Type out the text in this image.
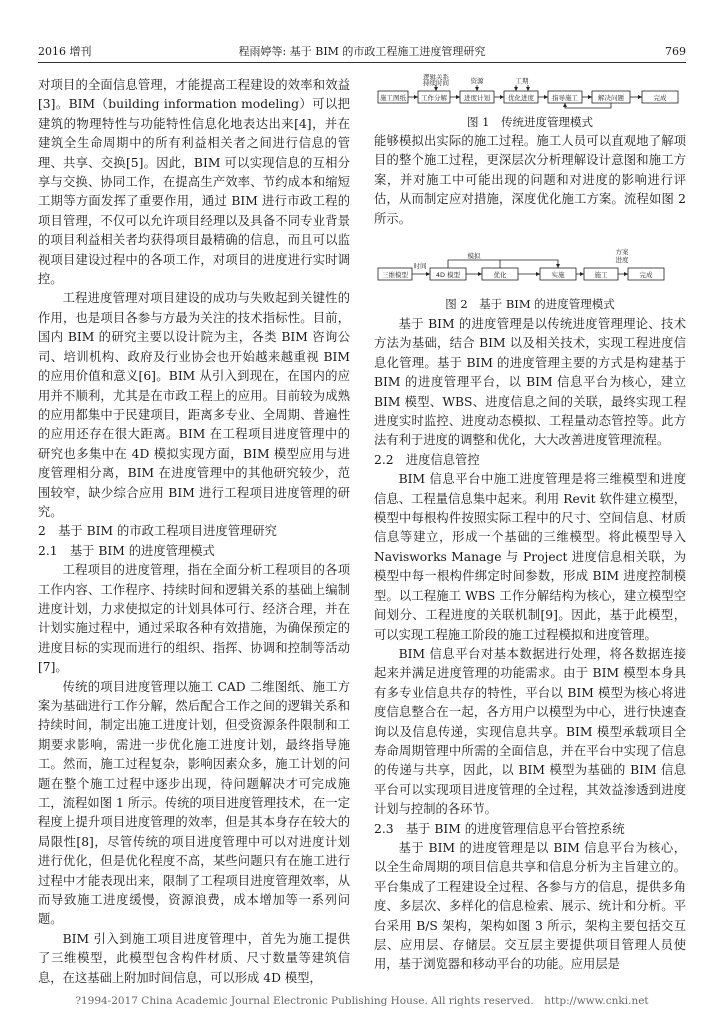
2016 增刊	程雨婷等: 基于 BIM 的市政工程施工进度管理研究	769

对项目的全面信息管理，才能提高工程建设的效率和效益[3]。BIM（building information modeling）可以把建筑的物理特性与功能特性信息化地表达出来[4]，并在建筑全生命周期中的所有利益相关者之间进行信息的管理、共享、交换[5]。因此，BIM 可以实现信息的互相分享与交换、协同工作，在提高生产效率、节约成本和缩短工期等方面发挥了重要作用，通过 BIM 进行市政工程的项目管理，不仅可以允许项目经理以及具备不同专业背景的项目利益相关者均获得项目最精确的信息，而且可以监视项目建设过程中的各项工作，对项目的进度进行实时调控。

工程进度管理对项目建设的成功与失败起到关键性的作用，也是项目各参与方最为关注的技术指标性。目前，国内 BIM 的研究主要以设计院为主，各类 BIM 咨询公司、培训机构、政府及行业协会也开始越来越重视 BIM 的应用价值和意义[6]。BIM 从引入到现在，在国内的应用并不顺利，尤其是在市政工程上的应用。目前较为成熟的应用都集中于民建项目，距离多专业、全周期、普遍性的应用还存在很大距离。BIM 在工程项目进度管理中的研究也多集中在 4D 模拟实现方面，BIM 模型应用与进度管理相分离，BIM 在进度管理中的其他研究较少，范围较窄，缺少综合应用 BIM 进行工程项目进度管理的研究。

2　基于 BIM 的市政工程项目进度管理研究
2.1　基于 BIM 的进度管理模式

工程项目的进度管理，指在全面分析工程项目的各项工作内容、工作程序、持续时间和逻辑关系的基础上编制进度计划，力求使拟定的计划具体可行、经济合理，并在计划实施过程中，通过采取各种有效措施，为确保预定的进度目标的实现而进行的组织、指挥、协调和控制等活动[7]。

传统的项目进度管理以施工 CAD 二维图纸、施工方案为基础进行工作分解，然后配合工作之间的逻辑关系和持续时间，制定出施工进度计划，但受资源条件限制和工期要求影响，需进一步优化施工进度计划，最终指导施工。然而，施工过程复杂，影响因素众多，施工计划的问题在整个施工过程中逐步出现，待问题解决才可完成施工，流程如图 1 所示。传统的项目进度管理技术，在一定程度上提升项目进度管理的效率，但是其本身存在较大的局限性[8]，尽管传统的项目进度管理中可以对进度计划进行优化，但是优化程度不高，某些问题只有在施工进行过程中才能表现出来，限制了工程项目进度管理效率，从而导致施工进度缓慢，资源浪费，成本增加等一系列问题。

BIM 引入到施工项目进度管理中，首先为施工提供了三维模型，此模型包含构件材质、尺寸数量等建筑信息，在这基础上附加时间信息，可以形成 4D 模型，

施工图纸 工作分解
逻辑关系
持续时间
进度计划
资源	工期
优化进度	指导施工	解决问题	完成
图 1　传统进度管理模式

能够模拟出实际的施工过程。施工人员可以直观地了解项目的整个施工过程，更深层次分析理解设计意图和施工方案，并对施工中可能出现的问题和对进度的影响进行评估，从而制定应对措施，深度优化施工方案。流程如图 2 所示。

三维模型
时间
4D 模型
模拟
实施
优化
方案
进度
施工	完成
图 2　基于 BIM 的进度管理模式

基于 BIM 的进度管理是以传统进度管理理论、技术方法为基础，结合 BIM 以及相关技术，实现工程进度信息化管理。基于 BIM 的进度管理主要的方式是构建基于 BIM 的进度管理平台，以 BIM 信息平台为核心，建立 BIM 模型、WBS、进度信息之间的关联，最终实现工程进度实时监控、进度动态模拟、工程量动态管控等。此方法有利于进度的调整和优化，大大改善进度管理流程。

2.2　进度信息管控

BIM 信息平台中施工进度管理是将三维模型和进度信息、工程量信息集中起来。利用 Revit 软件建立模型，模型中每根构件按照实际工程中的尺寸、空间信息、材质信息等建立，形成一个基础的三维模型。将此模型导入 Navisworks Manage 与 Project 进度信息相关联，为模型中每一根构件绑定时间参数，形成 BIM 进度控制模型。以工程施工 WBS 工作分解结构为核心，建立模型空间划分、工程进度的关联机制[9]。因此，基于此模型，可以实现工程施工阶段的施工过程模拟和进度管理。

BIM 信息平台对基本数据进行处理，将各数据连接起来并满足进度管理的功能需求。由于 BIM 模型本身具有多专业信息共存的特性，平台以 BIM 模型为核心将进度信息整合在一起，各方用户以模型为中心，进行快速查询以及信息传递，实现信息共享。BIM 模型承载项目全寿命周期管理中所需的全面信息，并在平台中实现了信息的传递与共享，因此，以 BIM 模型为基础的 BIM 信息平台可以实现项目进度管理的全过程，其效益渗透到进度计划与控制的各环节。

2.3　基于 BIM 的进度管理信息平台管控系统

基于 BIM 的进度管理是以 BIM 信息平台为核心，以全生命周期的项目信息共享和信息分析为主旨建立的。平台集成了工程建设全过程、各参与方的信息，提供多角度、多层次、多样化的信息检索、展示、统计和分析。平台采用 B/S 架构，架构如图 3 所示，架构主要包括交互层、应用层、存储层。交互层主要提供项目管理人员使用，基于浏览器和移动平台的功能。应用层是

?1994-2017 China Academic Journal Electronic Publishing House. All rights reserved.　http://www.cnki.net
